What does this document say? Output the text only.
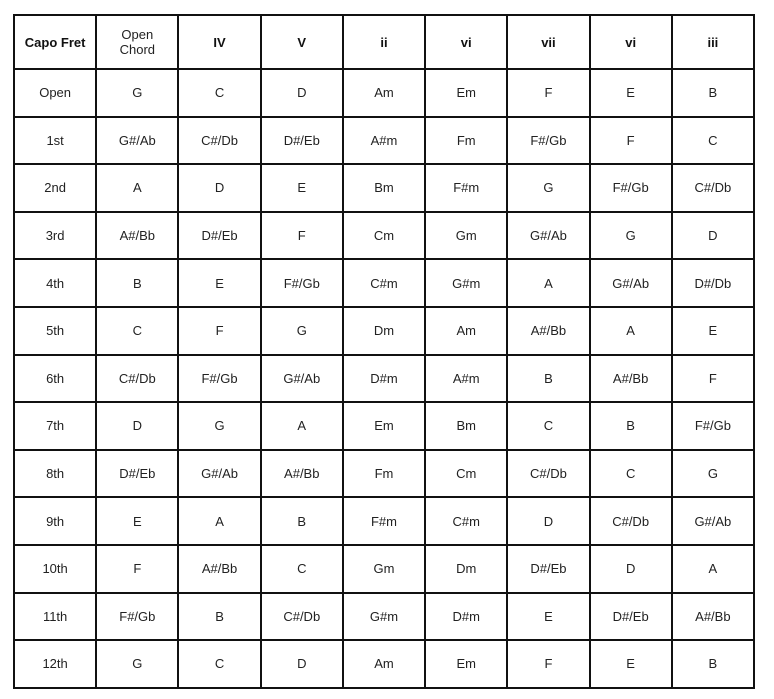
Capo Fret	Open Chord	IV	V	ii	vi	vii	vi	iii
Open	G	C	D	Am	Em	F	E	B
1st	G#/Ab	C#/Db	D#/Eb	A#m	Fm	F#/Gb	F	C
2nd	A	D	E	Bm	F#m	G	F#/Gb	C#/Db
3rd	A#/Bb	D#/Eb	F	Cm	Gm	G#/Ab	G	D
4th	B	E	F#/Gb	C#m	G#m	A	G#/Ab	D#/Db
5th	C	F	G	Dm	Am	A#/Bb	A	E
6th	C#/Db	F#/Gb	G#/Ab	D#m	A#m	B	A#/Bb	F
7th	D	G	A	Em	Bm	C	B	F#/Gb
8th	D#/Eb	G#/Ab	A#/Bb	Fm	Cm	C#/Db	C	G
9th	E	A	B	F#m	C#m	D	C#/Db	G#/Ab
10th	F	A#/Bb	C	Gm	Dm	D#/Eb	D	A
11th	F#/Gb	B	C#/Db	G#m	D#m	E	D#/Eb	A#/Bb
12th	G	C	D	Am	Em	F	E	B
